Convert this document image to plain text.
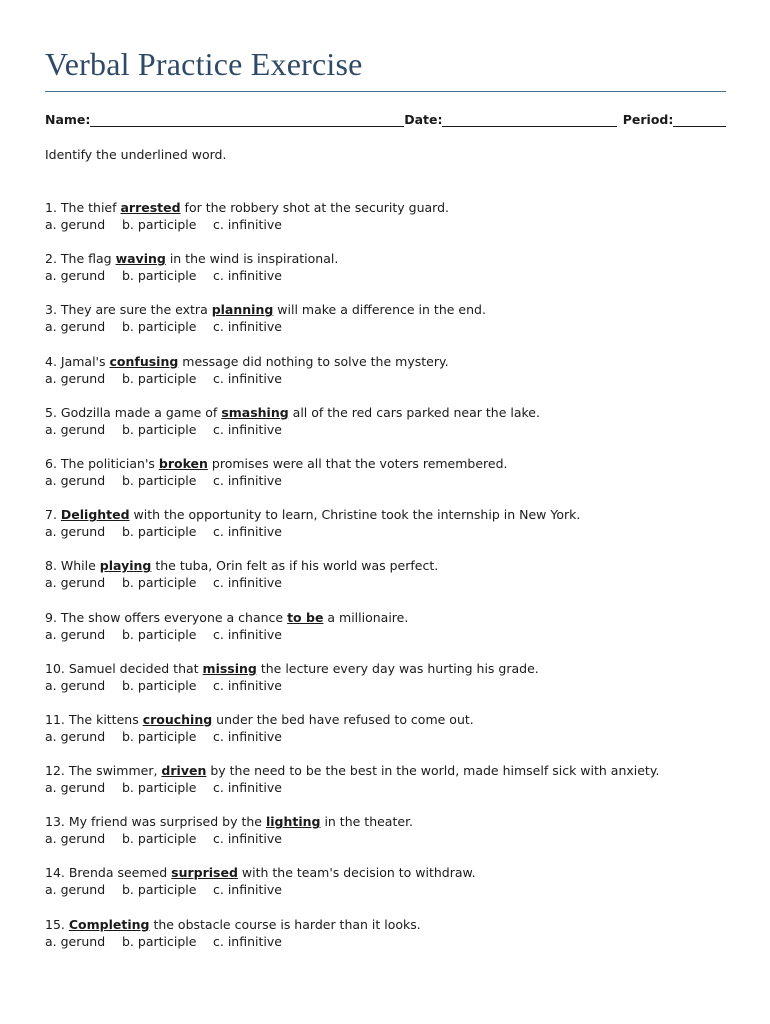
Verbal Practice Exercise
Name:	Date:	Period:
Identify the underlined word.
1. The thief arrested for the robbery shot at the security guard.
a. gerund b. participle c. infinitive
2. The flag waving in the wind is inspirational.
a. gerund b. participle c. infinitive
3. They are sure the extra planning will make a difference in the end.
a. gerund b. participle c. infinitive
4. Jamal's confusing message did nothing to solve the mystery.
a. gerund b. participle c. infinitive
5. Godzilla made a game of smashing all of the red cars parked near the lake.
a. gerund b. participle c. infinitive
6. The politician's broken promises were all that the voters remembered.
a. gerund b. participle c. infinitive
7. Delighted with the opportunity to learn, Christine took the internship in New York.
a. gerund b. participle c. infinitive
8. While playing the tuba, Orin felt as if his world was perfect.
a. gerund b. participle c. infinitive
9. The show offers everyone a chance to be a millionaire.
a. gerund b. participle c. infinitive
10. Samuel decided that missing the lecture every day was hurting his grade.
a. gerund b. participle c. infinitive
11. The kittens crouching under the bed have refused to come out.
a. gerund b. participle c. infinitive
12. The swimmer, driven by the need to be the best in the world, made himself sick with anxiety.
a. gerund b. participle c. infinitive
13. My friend was surprised by the lighting in the theater.
a. gerund b. participle c. infinitive
14. Brenda seemed surprised with the team's decision to withdraw.
a. gerund b. participle c. infinitive
15. Completing the obstacle course is harder than it looks.
a. gerund b. participle c. infinitive
